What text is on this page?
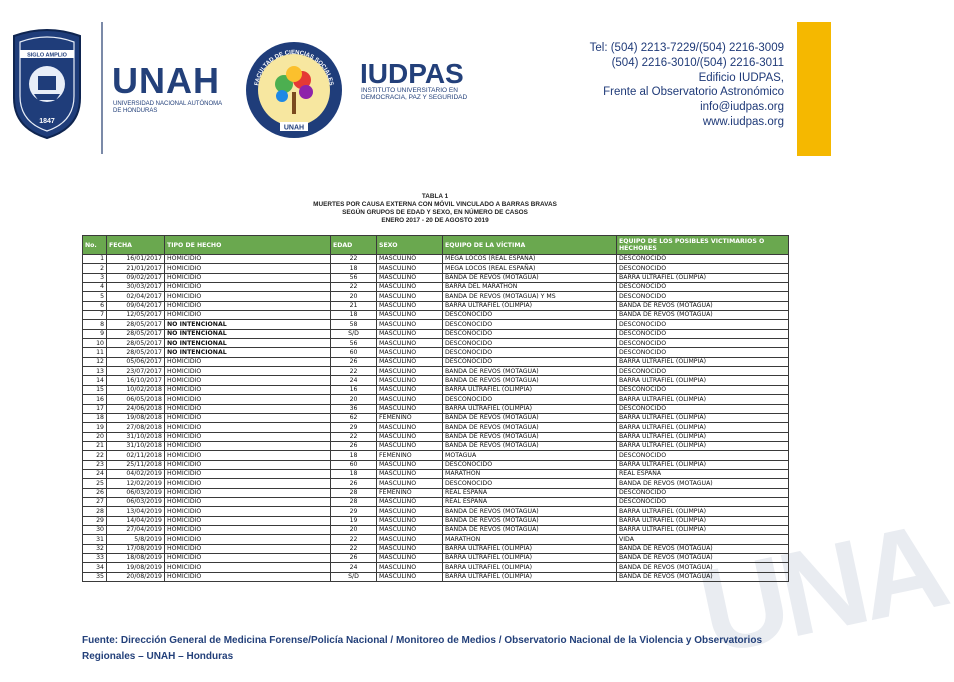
SIGLO AMPLIO
1847
UNAH
UNIVERSIDAD NACIONAL AUTÓNOMA DE HONDURAS
FACULTAD DE CIENCIAS SOCIALES
UNAH
IUDPAS
INSTITUTO UNIVERSITARIO EN DEMOCRACIA, PAZ Y SEGURIDAD
Tel: (504) 2213-7229/(504) 2216-3009
(504) 2216-3010/(504) 2216-3011
Edificio IUDPAS,
Frente al Observatorio Astronómico
info@iudpas.org
www.iudpas.org
UNA
TABLA 1
MUERTES POR CAUSA EXTERNA CON MÓVIL VINCULADO A BARRAS BRAVAS
SEGÚN GRUPOS DE EDAD Y SEXO, EN NÚMERO DE CASOS
ENERO 2017 - 20 DE AGOSTO 2019
No.	FECHA	TIPO DE HECHO	EDAD	SEXO	EQUIPO DE LA VÍCTIMA	EQUIPO DE LOS POSIBLES VICTIMARIOS O HECHORES
1	16/01/2017	HOMICIDIO	22	MASCULINO	MEGA LOCOS (REAL ESPAÑA)	DESCONOCIDO
2	21/01/2017	HOMICIDIO	18	MASCULINO	MEGA LOCOS (REAL ESPAÑA)	DESCONOCIDO
3	09/02/2017	HOMICIDIO	56	MASCULINO	BANDA DE REVOS (MOTAGUA)	BARRA ULTRAFIEL (OLIMPIA)
4	30/03/2017	HOMICIDIO	22	MASCULINO	BARRA DEL MARATHON	DESCONOCIDO
5	02/04/2017	HOMICIDIO	20	MASCULINO	BANDA DE REVOS (MOTAGUA) Y MS	DESCONOCIDO
6	09/04/2017	HOMICIDIO	21	MASCULINO	BARRA ULTRAFIEL (OLIMPIA)	BANDA DE REVOS (MOTAGUA)
7	12/05/2017	HOMICIDIO	18	MASCULINO	DESCONOCIDO	BANDA DE REVOS (MOTAGUA)
8	28/05/2017	NO INTENCIONAL	58	MASCULINO	DESCONOCIDO	DESCONOCIDO
9	28/05/2017	NO INTENCIONAL	S/D	MASCULINO	DESCONOCIDO	DESCONOCIDO
10	28/05/2017	NO INTENCIONAL	56	MASCULINO	DESCONOCIDO	DESCONOCIDO
11	28/05/2017	NO INTENCIONAL	60	MASCULINO	DESCONOCIDO	DESCONOCIDO
12	05/06/2017	HOMICIDIO	26	MASCULINO	DESCONOCIDO	BARRA ULTRAFIEL (OLIMPIA)
13	23/07/2017	HOMICIDIO	22	MASCULINO	BANDA DE REVOS (MOTAGUA)	DESCONOCIDO
14	16/10/2017	HOMICIDIO	24	MASCULINO	BANDA DE REVOS (MOTAGUA)	BARRA ULTRAFIEL (OLIMPIA)
15	10/02/2018	HOMICIDIO	16	MASCULINO	BARRA ULTRAFIEL (OLIMPIA)	DESCONOCIDO
16	06/05/2018	HOMICIDIO	20	MASCULINO	DESCONOCIDO	BARRA ULTRAFIEL (OLIMPIA)
17	24/06/2018	HOMICIDIO	36	MASCULINO	BARRA ULTRAFIEL (OLIMPIA)	DESCONOCIDO
18	19/08/2018	HOMICIDIO	62	FEMENINO	BANDA DE REVOS (MOTAGUA)	BARRA ULTRAFIEL (OLIMPIA)
19	27/08/2018	HOMICIDIO	29	MASCULINO	BANDA DE REVOS (MOTAGUA)	BARRA ULTRAFIEL (OLIMPIA)
20	31/10/2018	HOMICIDIO	22	MASCULINO	BANDA DE REVOS (MOTAGUA)	BARRA ULTRAFIEL (OLIMPIA)
21	31/10/2018	HOMICIDIO	26	MASCULINO	BANDA DE REVOS (MOTAGUA)	BARRA ULTRAFIEL (OLIMPIA)
22	02/11/2018	HOMICIDIO	18	FEMENINO	MOTAGUA	DESCONOCIDO
23	25/11/2018	HOMICIDIO	60	MASCULINO	DESCONOCIDO	BARRA ULTRAFIEL (OLIMPIA)
24	04/02/2019	HOMICIDIO	18	MASCULINO	MARATHON	REAL ESPAÑA
25	12/02/2019	HOMICIDIO	26	MASCULINO	DESCONOCIDO	BANDA DE REVOS (MOTAGUA)
26	06/03/2019	HOMICIDIO	28	FEMENINO	REAL ESPAÑA	DESCONOCIDO
27	06/03/2019	HOMICIDIO	28	MASCULINO	REAL ESPAÑA	DESCONOCIDO
28	13/04/2019	HOMICIDIO	29	MASCULINO	BANDA DE REVOS (MOTAGUA)	BARRA ULTRAFIEL (OLIMPIA)
29	14/04/2019	HOMICIDIO	19	MASCULINO	BANDA DE REVOS (MOTAGUA)	BARRA ULTRAFIEL (OLIMPIA)
30	27/04/2019	HOMICIDIO	20	MASCULINO	BANDA DE REVOS (MOTAGUA)	BARRA ULTRAFIEL (OLIMPIA)
31	5/8/2019	HOMICIDIO	22	MASCULINO	MARATHON	VIDA
32	17/08/2019	HOMICIDIO	22	MASCULINO	BARRA ULTRAFIEL (OLIMPIA)	BANDA DE REVOS (MOTAGUA)
33	18/08/2019	HOMICIDIO	26	MASCULINO	BARRA ULTRAFIEL (OLIMPIA)	BANDA DE REVOS (MOTAGUA)
34	19/08/2019	HOMICIDIO	24	MASCULINO	BARRA ULTRAFIEL (OLIMPIA)	BANDA DE REVOS (MOTAGUA)
35	20/08/2019	HOMICIDIO	S/D	MASCULINO	BARRA ULTRAFIEL (OLIMPIA)	BANDA DE REVOS (MOTAGUA)
Fuente: Dirección General de Medicina Forense/Policía Nacional / Monitoreo de Medios / Observatorio Nacional de la Violencia y Observatorios Regionales – UNAH – Honduras
